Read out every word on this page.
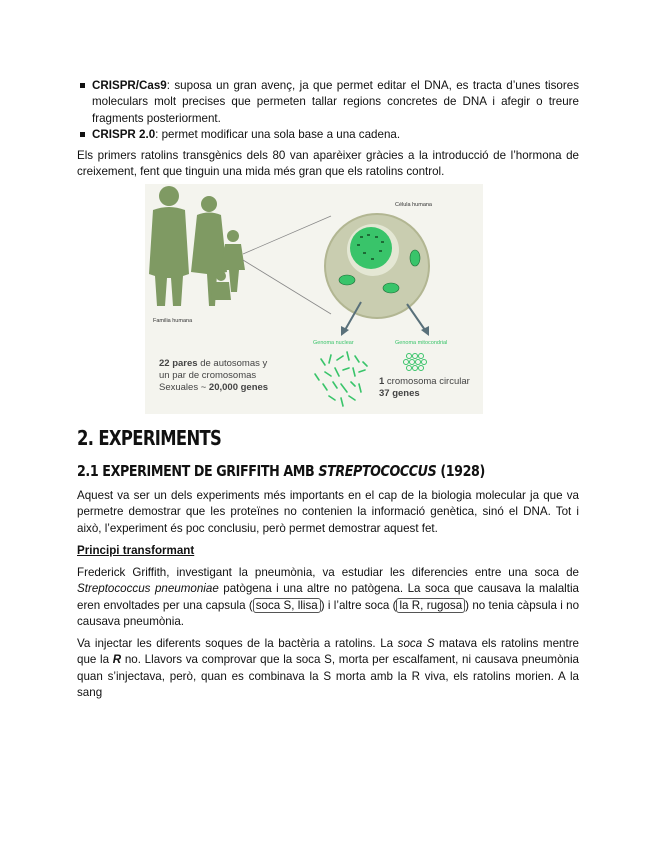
CRISPR/Cas9: suposa un gran avenç, ja que permet editar el DNA, es tracta d’unes tisores moleculars molt precises que permeten tallar regions concretes de DNA i afegir o treure fragments posteriorment.
CRISPR 2.0: permet modificar una sola base a una cadena.

Els primers ratolins transgènics dels 80 van aparèixer gràcies a la introducció de l’hormona de creixement, fent que tinguin una mida més gran que els ratolins control.

Familia humana
Célula humana
Genoma nuclear	Genoma mitocondrial
22 pares de autosomas y
un par de cromosomas
Sexuales ~ 20,000 genes
1 cromosoma circular
37 genes
2. EXPERIMENTS
2.1 EXPERIMENT DE GRIFFITH AMB STREPTOCOCCUS (1928)

Aquest va ser un dels experiments més importants en el cap de la biologia molecular ja que va permetre demostrar que les proteïnes no contenien la informació genètica, sinó el DNA. Tot i això, l’experiment és poc conclusiu, però permet demostrar aquest fet.

Principi transformant

Frederick Griffith, investigant la pneumònia, va estudiar les diferencies entre una soca de Streptococcus pneumoniae patògena i una altre no patògena. La soca que causava la malaltia eren envoltades per una capsula ( soca S, llisa ) i l’altre soca ( la R, rugosa ) no tenia càpsula i no causava pneumònia.

Va injectar les diferents soques de la bactèria a ratolins. La soca S matava els ratolins mentre que la R no. Llavors va comprovar que la soca S, morta per escalfament, ni causava pneumònia quan s’injectava, però, quan es combinava la S morta amb la R viva, els ratolins morien. A la sang
